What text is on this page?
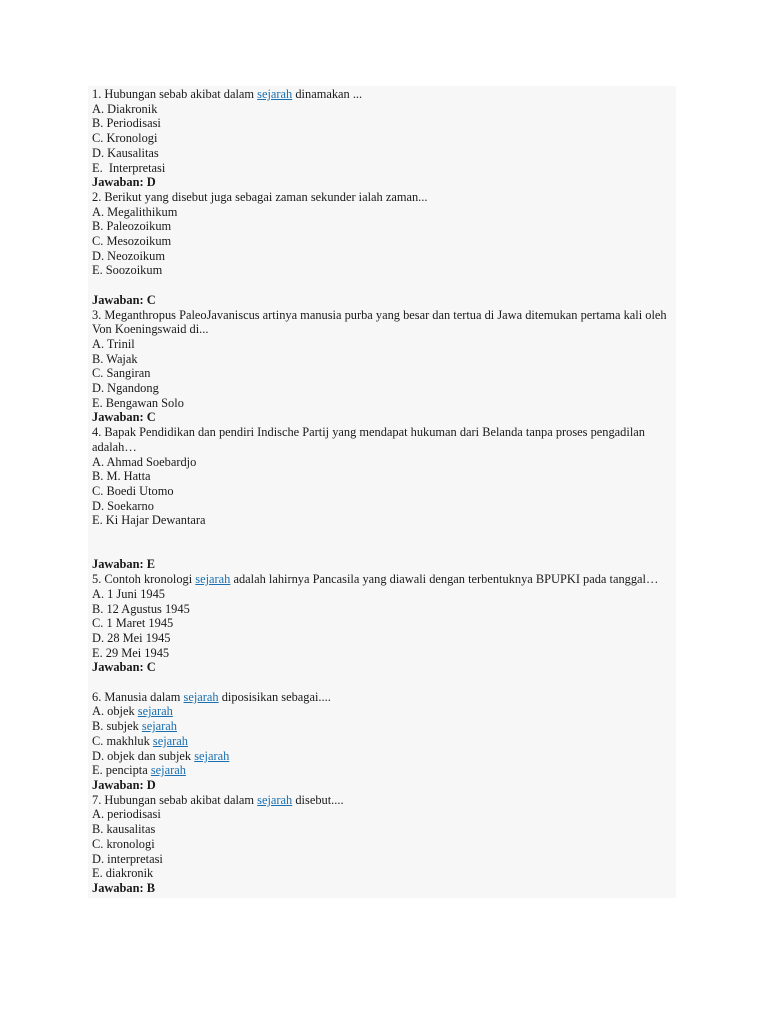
1. Hubungan sebab akibat dalam sejarah dinamakan ...
A. Diakronik
B. Periodisasi
C. Kronologi
D. Kausalitas
E.  Interpretasi
Jawaban: D
2. Berikut yang disebut juga sebagai zaman sekunder ialah zaman...
A. Megalithikum
B. Paleozoikum
C. Mesozoikum
D. Neozoikum
E. Soozoikum
Jawaban: C
3. Meganthropus PaleoJavaniscus artinya manusia purba yang besar dan tertua di Jawa ditemukan pertama kali oleh Von Koeningswaid di...
A. Trinil
B. Wajak
C. Sangiran
D. Ngandong
E. Bengawan Solo
Jawaban: C
4. Bapak Pendidikan dan pendiri Indische Partij yang mendapat hukuman dari Belanda tanpa proses pengadilan adalah…
A. Ahmad Soebardjo
B. M. Hatta
C. Boedi Utomo
D. Soekarno
E. Ki Hajar Dewantara
Jawaban: E
5. Contoh kronologi sejarah adalah lahirnya Pancasila yang diawali dengan terbentuknya BPUPKI pada tanggal…
A. 1 Juni 1945
B. 12 Agustus 1945
C. 1 Maret 1945
D. 28 Mei 1945
E. 29 Mei 1945
Jawaban: C
6. Manusia dalam sejarah diposisikan sebagai....
A. objek sejarah
B. subjek sejarah
C. makhluk sejarah
D. objek dan subjek sejarah
E. pencipta sejarah
Jawaban: D
7. Hubungan sebab akibat dalam sejarah disebut....
A. periodisasi
B. kausalitas
C. kronologi
D. interpretasi
E. diakronik
Jawaban: B
